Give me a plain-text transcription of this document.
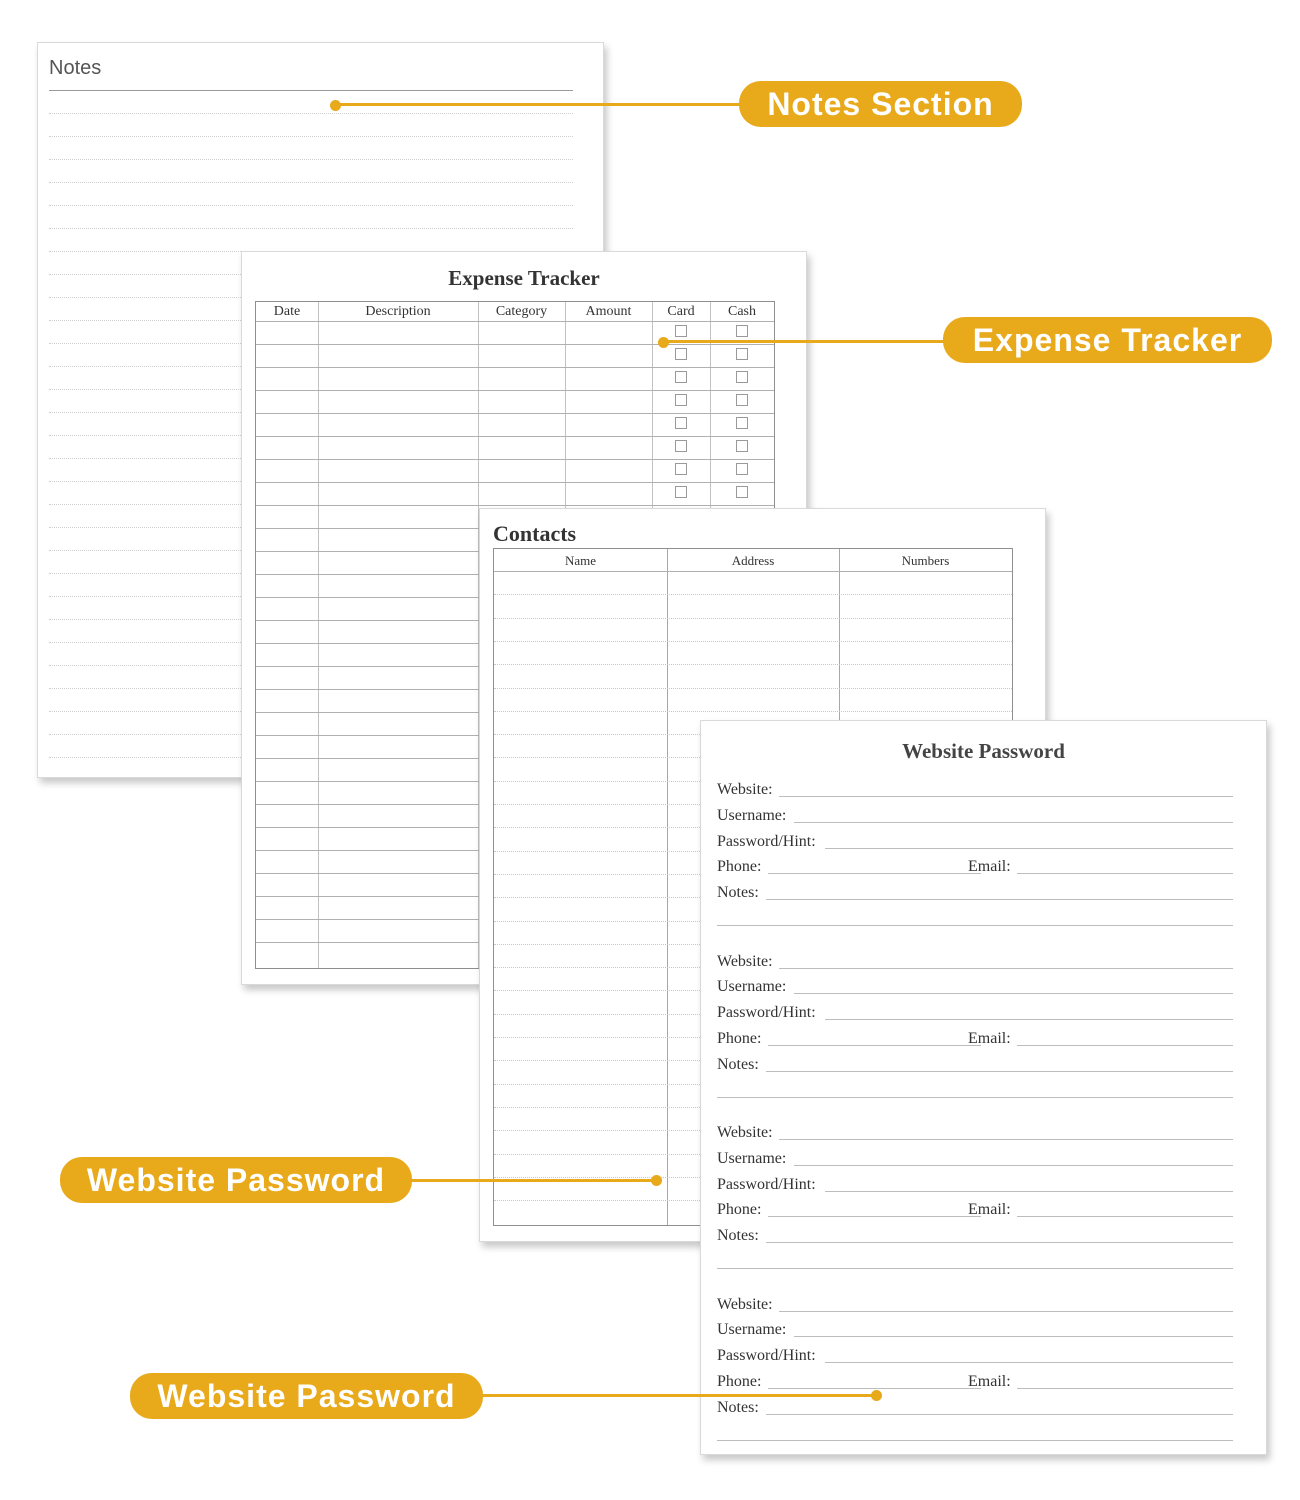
Notes
Expense Tracker
Date	Description	Category	Amount	Card	Cash
Contacts
Name	Address	Numbers
Website Password
Website:
Username:
Password/Hint:
Phone:	Email:
Notes:
Website:
Username:
Password/Hint:
Phone:	Email:
Notes:
Website:
Username:
Password/Hint:
Phone:	Email:
Notes:
Website:
Username:
Password/Hint:
Phone:	Email:
Notes:
Notes Section
Expense Tracker
Website Password
Website Password
